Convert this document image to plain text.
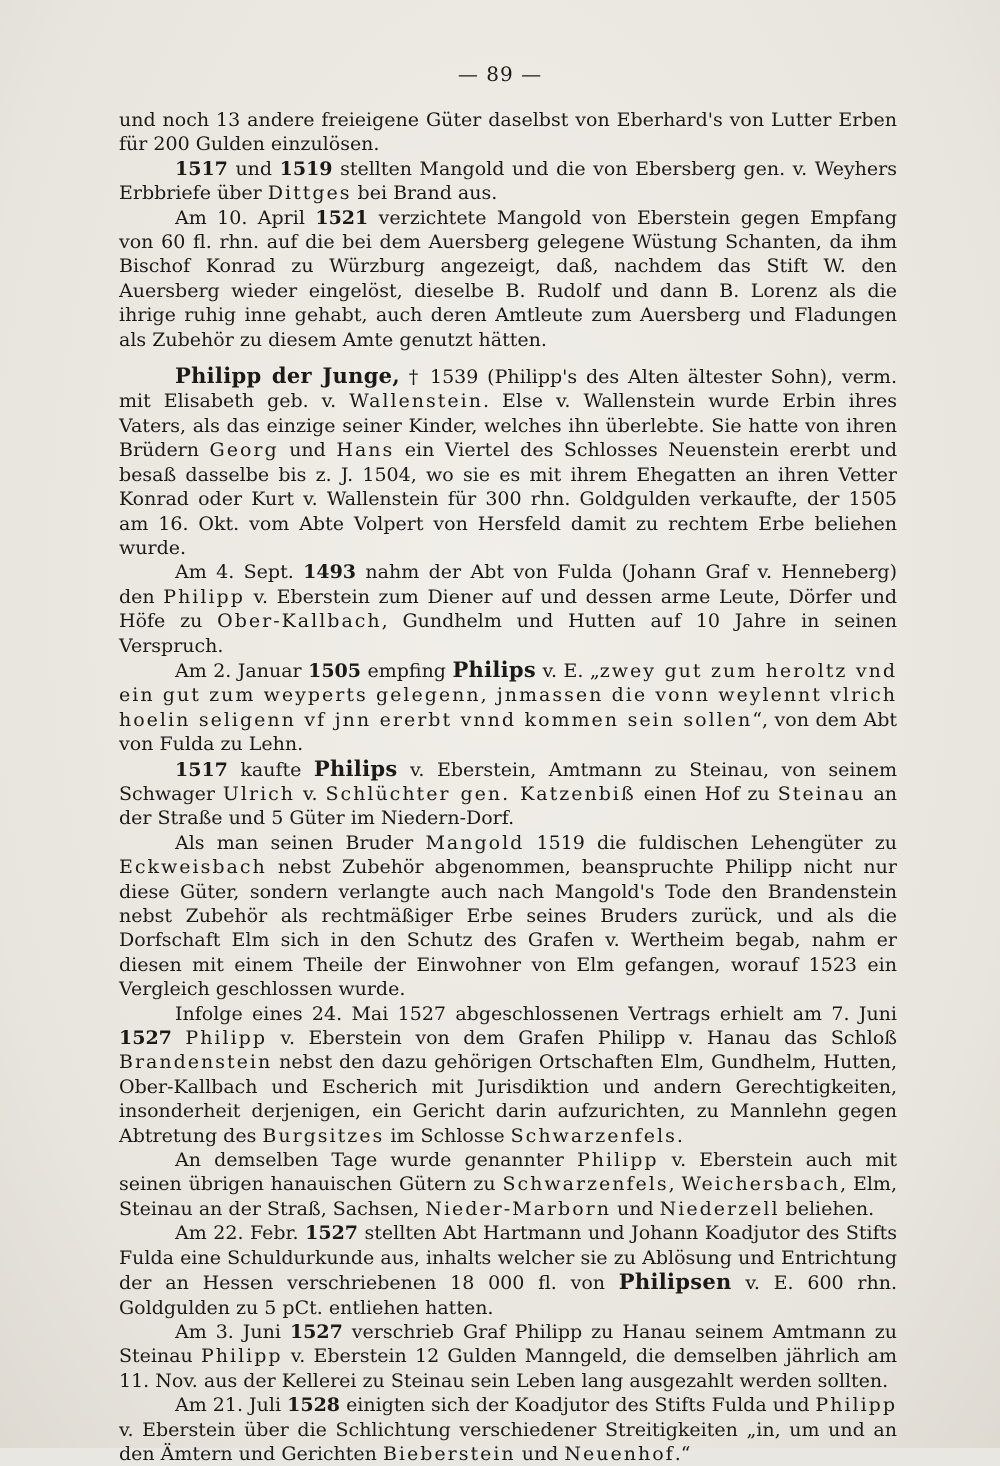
— 89 —

und noch 13 andere freieigene Güter daselbst von Eberhard's von Lutter Erben für 200 Gulden einzulösen.

1517 und 1519 stellten Mangold und die von Ebersberg gen. v. Weyhers Erbbriefe über Dittges bei Brand aus.

Am 10. April 1521 verzichtete Mangold von Eberstein gegen Empfang von 60 fl. rhn. auf die bei dem Auersberg gelegene Wüstung Schanten, da ihm Bischof Konrad zu Würzburg angezeigt, daß, nachdem das Stift W. den Auersberg wieder eingelöst, dieselbe B. Rudolf und dann B. Lorenz als die ihrige ruhig inne gehabt, auch deren Amtleute zum Auersberg und Fladungen als Zubehör zu diesem Amte genutzt hätten.

Philipp der Junge, † 1539 (Philipp's des Alten ältester Sohn), verm. mit Elisabeth geb. v. Wallenstein. Else v. Wallenstein wurde Erbin ihres Vaters, als das einzige seiner Kinder, welches ihn überlebte. Sie hatte von ihren Brüdern Georg und Hans ein Viertel des Schlosses Neuenstein ererbt und besaß dasselbe bis z. J. 1504, wo sie es mit ihrem Ehegatten an ihren Vetter Konrad oder Kurt v. Wallenstein für 300 rhn. Goldgulden verkaufte, der 1505 am 16. Okt. vom Abte Volpert von Hersfeld damit zu rechtem Erbe beliehen wurde.

Am 4. Sept. 1493 nahm der Abt von Fulda (Johann Graf v. Henneberg) den Philipp v. Eberstein zum Diener auf und dessen arme Leute, Dörfer und Höfe zu Ober-Kallbach, Gundhelm und Hutten auf 10 Jahre in seinen Verspruch.

Am 2. Januar 1505 empfing Philips v. E. „zwey gut zum heroltz vnd ein gut zum weyperts gelegenn, jnmassen die vonn weylennt vlrich hoelin seligenn vf jnn ererbt vnnd kommen sein sollen“, von dem Abt von Fulda zu Lehn.

1517 kaufte Philips v. Eberstein, Amtmann zu Steinau, von seinem Schwager Ulrich v. Schlüchter gen. Katzenbiß einen Hof zu Steinau an der Straße und 5 Güter im Niedern-Dorf.

Als man seinen Bruder Mangold 1519 die fuldischen Lehengüter zu Eckweisbach nebst Zubehör abgenommen, beanspruchte Philipp nicht nur diese Güter, sondern verlangte auch nach Mangold's Tode den Brandenstein nebst Zubehör als rechtmäßiger Erbe seines Bruders zurück, und als die Dorfschaft Elm sich in den Schutz des Grafen v. Wertheim begab, nahm er diesen mit einem Theile der Einwohner von Elm gefangen, worauf 1523 ein Vergleich geschlossen wurde.

Infolge eines 24. Mai 1527 abgeschlossenen Vertrags erhielt am 7. Juni 1527 Philipp v. Eberstein von dem Grafen Philipp v. Hanau das Schloß Brandenstein nebst den dazu gehörigen Ortschaften Elm, Gundhelm, Hutten, Ober-Kallbach und Escherich mit Jurisdiktion und andern Gerechtigkeiten, insonderheit derjenigen, ein Gericht darin aufzurichten, zu Mannlehn gegen Abtretung des Burgsitzes im Schlosse Schwarzenfels.

An demselben Tage wurde genannter Philipp v. Eberstein auch mit seinen übrigen hanauischen Gütern zu Schwarzenfels, Weichersbach, Elm, Steinau an der Straß, Sachsen, Nieder-Marborn und Niederzell beliehen.

Am 22. Febr. 1527 stellten Abt Hartmann und Johann Koadjutor des Stifts Fulda eine Schuldurkunde aus, inhalts welcher sie zu Ablösung und Entrichtung der an Hessen verschriebenen 18 000 fl. von Philipsen v. E. 600 rhn. Goldgulden zu 5 pCt. entliehen hatten.

Am 3. Juni 1527 verschrieb Graf Philipp zu Hanau seinem Amtmann zu Steinau Philipp v. Eberstein 12 Gulden Manngeld, die demselben jährlich am 11. Nov. aus der Kellerei zu Steinau sein Leben lang ausgezahlt werden sollten.

Am 21. Juli 1528 einigten sich der Koadjutor des Stifts Fulda und Philipp v. Eberstein über die Schlichtung verschiedener Streitigkeiten „in, um und an den Ämtern und Gerichten Bieberstein und Neuenhof.“
